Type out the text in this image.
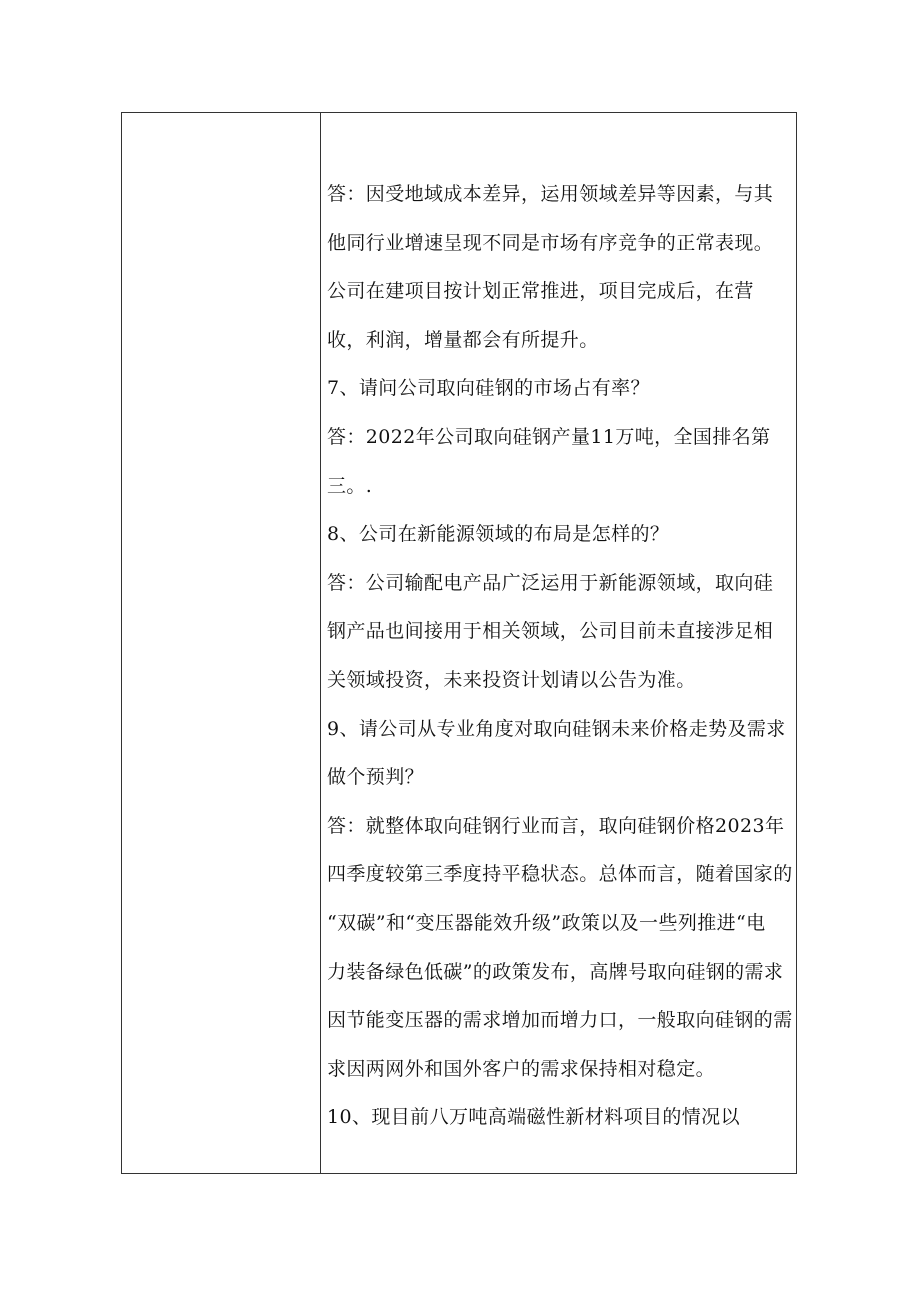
答：因受地域成本差异，运用领域差异等因素，与其
他同行业增速呈现不同是市场有序竞争的正常表现。
公司在建项目按计划正常推进，项目完成后，在营
收，利润，增量都会有所提升。
7、请问公司取向硅钢的市场占有率？
答：2022年公司取向硅钢产量11万吨，全国排名第
三。.
8、公司在新能源领域的布局是怎样的？
答：公司输配电产品广泛运用于新能源领域，取向硅
钢产品也间接用于相关领域，公司目前未直接涉足相
关领域投资，未来投资计划请以公告为准。
9、请公司从专业角度对取向硅钢未来价格走势及需求
做个预判？
答：就整体取向硅钢行业而言，取向硅钢价格2023年
四季度较第三季度持平稳状态。总体而言，随着国家的
“双碳”和“变压器能效升级”政策以及一些列推进“电
力装备绿色低碳”的政策发布，高牌号取向硅钢的需求
因节能变压器的需求增加而增力口，一般取向硅钢的需
求因两网外和国外客户的需求保持相对稳定。
10、现目前八万吨高端磁性新材料项目的情况以
